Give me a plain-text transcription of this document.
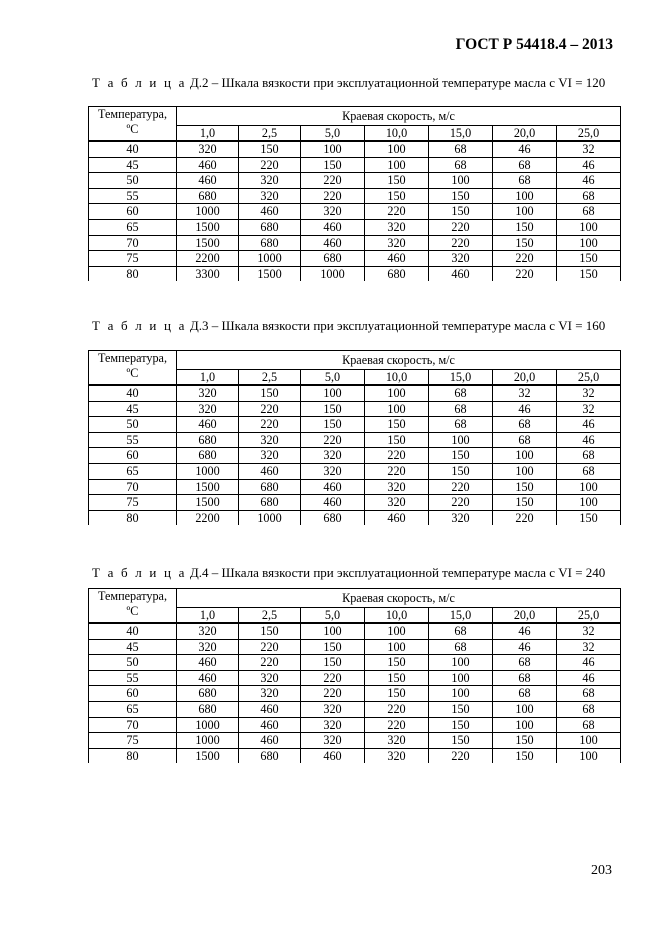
ГОСТ Р 54418.4 – 2013
Т а б л и ц а Д.2 – Шкала вязкости при эксплуатационной температуре масла с VI = 120
Температура,
ºС	Краевая скорость, м/с						
	1,0	2,5	5,0	10,0	15,0	20,0	25,0
40	320	150	100	100	68	46	32
45	460	220	150	100	68	68	46
50	460	320	220	150	100	68	46
55	680	320	220	150	150	100	68
60	1000	460	320	220	150	100	68
65	1500	680	460	320	220	150	100
70	1500	680	460	320	220	150	100
75	2200	1000	680	460	320	220	150
80	3300	1500	1000	680	460	220	150
Т а б л и ц а Д.3 – Шкала вязкости при эксплуатационной температуре масла с VI = 160
Температура,
ºС	Краевая скорость, м/с						
	1,0	2,5	5,0	10,0	15,0	20,0	25,0
40	320	150	100	100	68	32	32
45	320	220	150	100	68	46	32
50	460	220	150	150	68	68	46
55	680	320	220	150	100	68	46
60	680	320	320	220	150	100	68
65	1000	460	320	220	150	100	68
70	1500	680	460	320	220	150	100
75	1500	680	460	320	220	150	100
80	2200	1000	680	460	320	220	150
Т а б л и ц а Д.4 – Шкала вязкости при эксплуатационной температуре масла с VI = 240
Температура,
ºС	Краевая скорость, м/с						
	1,0	2,5	5,0	10,0	15,0	20,0	25,0
40	320	150	100	100	68	46	32
45	320	220	150	100	68	46	32
50	460	220	150	150	100	68	46
55	460	320	220	150	100	68	46
60	680	320	220	150	100	68	68
65	680	460	320	220	150	100	68
70	1000	460	320	220	150	100	68
75	1000	460	320	320	150	150	100
80	1500	680	460	320	220	150	100
203
